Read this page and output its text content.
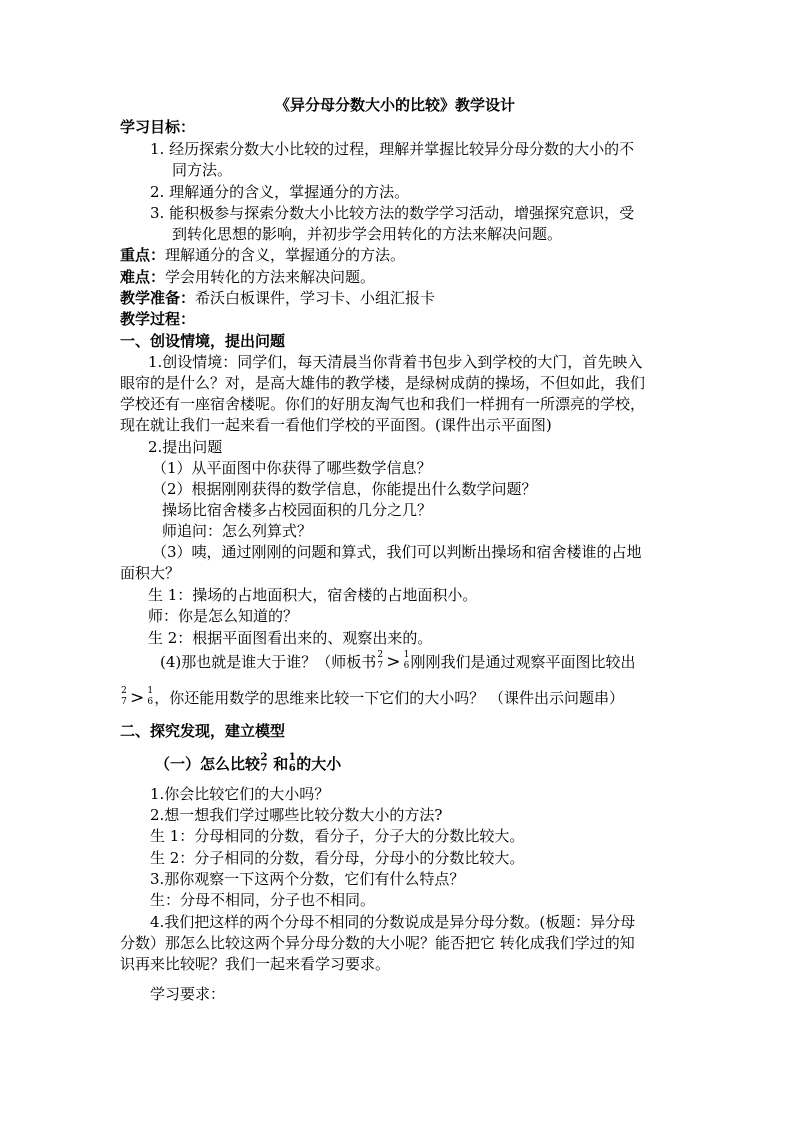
《异分母分数大小的比较》教学设计
学习目标：
1. 经历探索分数大小比较的过程，理解并掌握比较异分母分数的大小的不
同方法。
2. 理解通分的含义，掌握通分的方法。
3. 能积极参与探索分数大小比较方法的数学学习活动，增强探究意识，受
到转化思想的影响，并初步学会用转化的方法来解决问题。
重点：理解通分的含义，掌握通分的方法。
难点：学会用转化的方法来解决问题。
教学准备：希沃白板课件，学习卡、小组汇报卡
教学过程：
一、创设情境，提出问题
1.创设情境：同学们，每天清晨当你背着书包步入到学校的大门，首先映入
眼帘的是什么？对，是高大雄伟的教学楼，是绿树成荫的操场，不但如此，我们
学校还有一座宿舍楼呢。你们的好朋友淘气也和我们一样拥有一所漂亮的学校，
现在就让我们一起来看一看他们学校的平面图。(课件出示平面图)
2.提出问题
（1）从平面图中你获得了哪些数学信息？
（2）根据刚刚获得的数学信息，你能提出什么数学问题？
操场比宿舍楼多占校园面积的几分之几？
师追问：怎么列算式？
（3）咦，通过刚刚的问题和算式，我们可以判断出操场和宿舍楼谁的占地
面积大？
生 1：操场的占地面积大，宿舍楼的占地面积小。
师：你是怎么知道的？
生 2：根据平面图看出来的、观察出来的。
(4)那也就是谁大于谁？（师板书 2
7 > 1
6 刚刚我们是通过观察平面图比较出
2
7 > 1
6 ，你还能用数学的思维来比较一下它们的大小吗？ （课件出示问题串）
二、探究发现，建立模型
（一）怎么比较 2
7 和 1
6 的大小
1.你会比较它们的大小吗？
2.想一想我们学过哪些比较分数大小的方法?
生 1：分母相同的分数，看分子，分子大的分数比较大。
生 2：分子相同的分数，看分母，分母小的分数比较大。
3.那你观察一下这两个分数，它们有什么特点？
生：分母不相同，分子也不相同。
4.我们把这样的两个分母不相同的分数说成是异分母分数。(板题：异分母
分数）那怎么比较这两个异分母分数的大小呢？能否把它 转化成我们学过的知
识再来比较呢？我们一起来看学习要求。
学习要求：
